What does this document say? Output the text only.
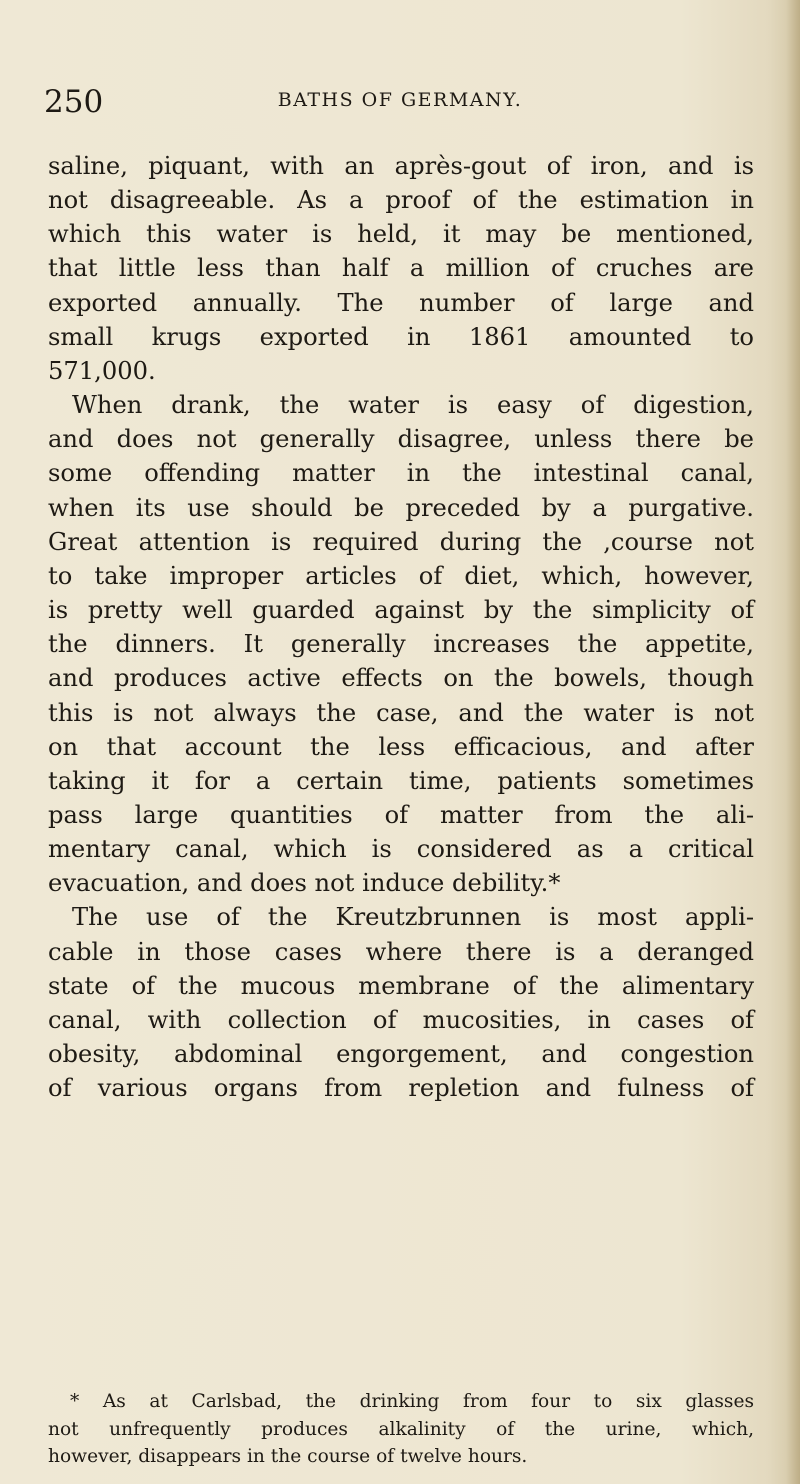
250	BATHS OF GERMANY.

saline, piquant, with an après-gout of iron, and is
not disagreeable. As a proof of the estimation in
which this water is held, it may be mentioned,
that little less than half a million of cruches are
exported annually. The number of large and
small krugs exported in 1861 amounted to
571,000.
When drank, the water is easy of digestion,
and does not generally disagree, unless there be
some offending matter in the intestinal canal,
when its use should be preceded by a purgative.
Great attention is required during the ,course not
to take improper articles of diet, which, however,
is pretty well guarded against by the simplicity of
the dinners. It generally increases the appetite,
and produces active effects on the bowels, though
this is not always the case, and the water is not
on that account the less efficacious, and after
taking it for a certain time, patients sometimes
pass large quantities of matter from the ali-
mentary canal, which is considered as a critical
evacuation, and does not induce debility.*
The use of the Kreutzbrunnen is most appli-
cable in those cases where there is a deranged
state of the mucous membrane of the alimentary
canal, with collection of mucosities, in cases of
obesity, abdominal engorgement, and congestion
of various organs from repletion and fulness of
* As at Carlsbad, the drinking from four to six glasses
not unfrequently produces alkalinity of the urine, which,
however, disappears in the course of twelve hours.
